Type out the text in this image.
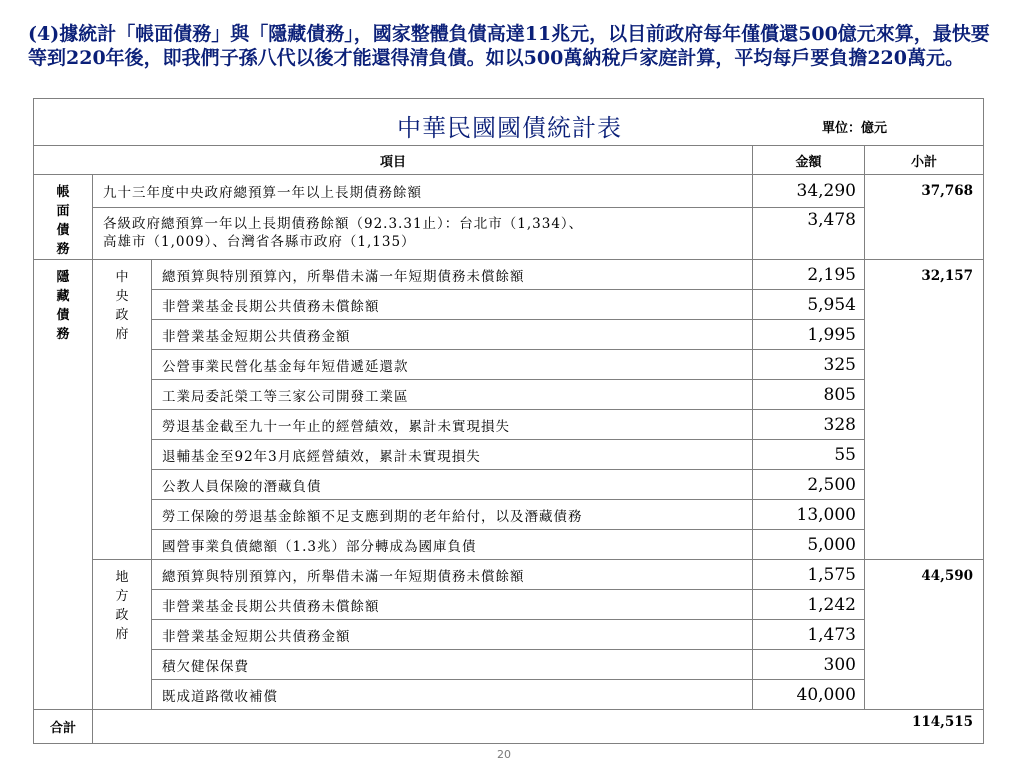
(4)據統計「帳面債務」與「隱藏債務」，國家整體負債高達11兆元，以目前政府每年僅償還500億元來算，最快要等到220年後，即我們子孫八代以後才能還得清負債。如以500萬納稅戶家庭計算，平均每戶要負擔220萬元。

中華民國國債統計表 單位：億元				

項目			金額	小計

帳
面
債
務	九十三年度中央政府總預算一年以上長期債務餘額		34,290	37,768
	各級政府總預算一年以上長期債務餘額（92.3.31止）：台北市（1,334）、
高雄市（1,009）、台灣省各縣市政府（1,135）		3,478	

隱
藏
債
務	中
央
政
府	總預算與特別預算內，所舉借未滿一年短期債務未償餘額	2,195	32,157
		非營業基金長期公共債務未償餘額	5,954	
		非營業基金短期公共債務金額	1,995	
		公營事業民營化基金每年短借遞延還款	325	
		工業局委託榮工等三家公司開發工業區	805	
		勞退基金截至九十一年止的經營績效，累計未實現損失	328	
		退輔基金至92年3月底經營績效，累計未實現損失	55	
		公教人員保險的潛藏負債	2,500	
		勞工保險的勞退基金餘額不足支應到期的老年給付，以及潛藏債務	13,000	
		國營事業負債總額（1.3兆）部分轉成為國庫負債	5,000	

	地
方
政
府	總預算與特別預算內，所舉借未滿一年短期債務未償餘額	1,575	44,590
		非營業基金長期公共債務未償餘額	1,242	
		非營業基金短期公共債務金額	1,473	
		積欠健保保費	300	
		既成道路徵收補償	40,000	
合計	114,515			
20
